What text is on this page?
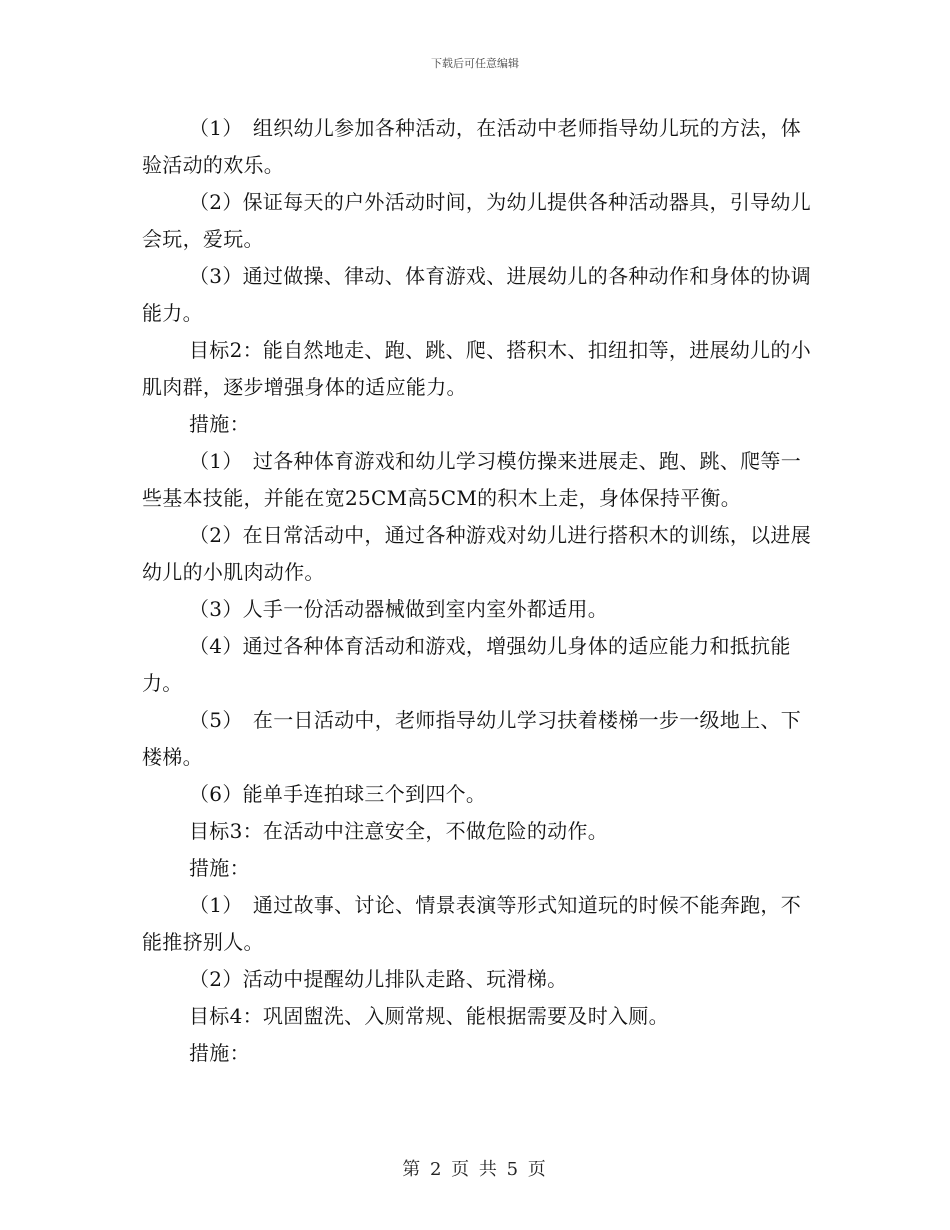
下载后可任意编辑

（1）　组织幼儿参加各种活动，在活动中老师指导幼儿玩的方法，体验活动的欢乐。

（2）保证每天的户外活动时间，为幼儿提供各种活动器具，引导幼儿会玩，爱玩。

（3）通过做操、律动、体育游戏、进展幼儿的各种动作和身体的协调能力。

目标2：能自然地走、跑、跳、爬、搭积木、扣纽扣等，进展幼儿的小肌肉群，逐步增强身体的适应能力。

措施：

（1）　过各种体育游戏和幼儿学习模仿操来进展走、跑、跳、爬等一些基本技能，并能在宽25CM高5CM的积木上走，身体保持平衡。

（2）在日常活动中，通过各种游戏对幼儿进行搭积木的训练，以进展幼儿的小肌肉动作。

（3）人手一份活动器械做到室内室外都适用。

（4）通过各种体育活动和游戏，增强幼儿身体的适应能力和抵抗能力。

（5）　在一日活动中，老师指导幼儿学习扶着楼梯一步一级地上、下楼梯。

（6）能单手连拍球三个到四个。

目标3：在活动中注意安全，不做危险的动作。

措施：

（1）　通过故事、讨论、情景表演等形式知道玩的时候不能奔跑，不能推挤别人。

（2）活动中提醒幼儿排队走路、玩滑梯。

目标4：巩固盥洗、入厕常规、能根据需要及时入厕。

措施：

第 2 页 共 5 页
